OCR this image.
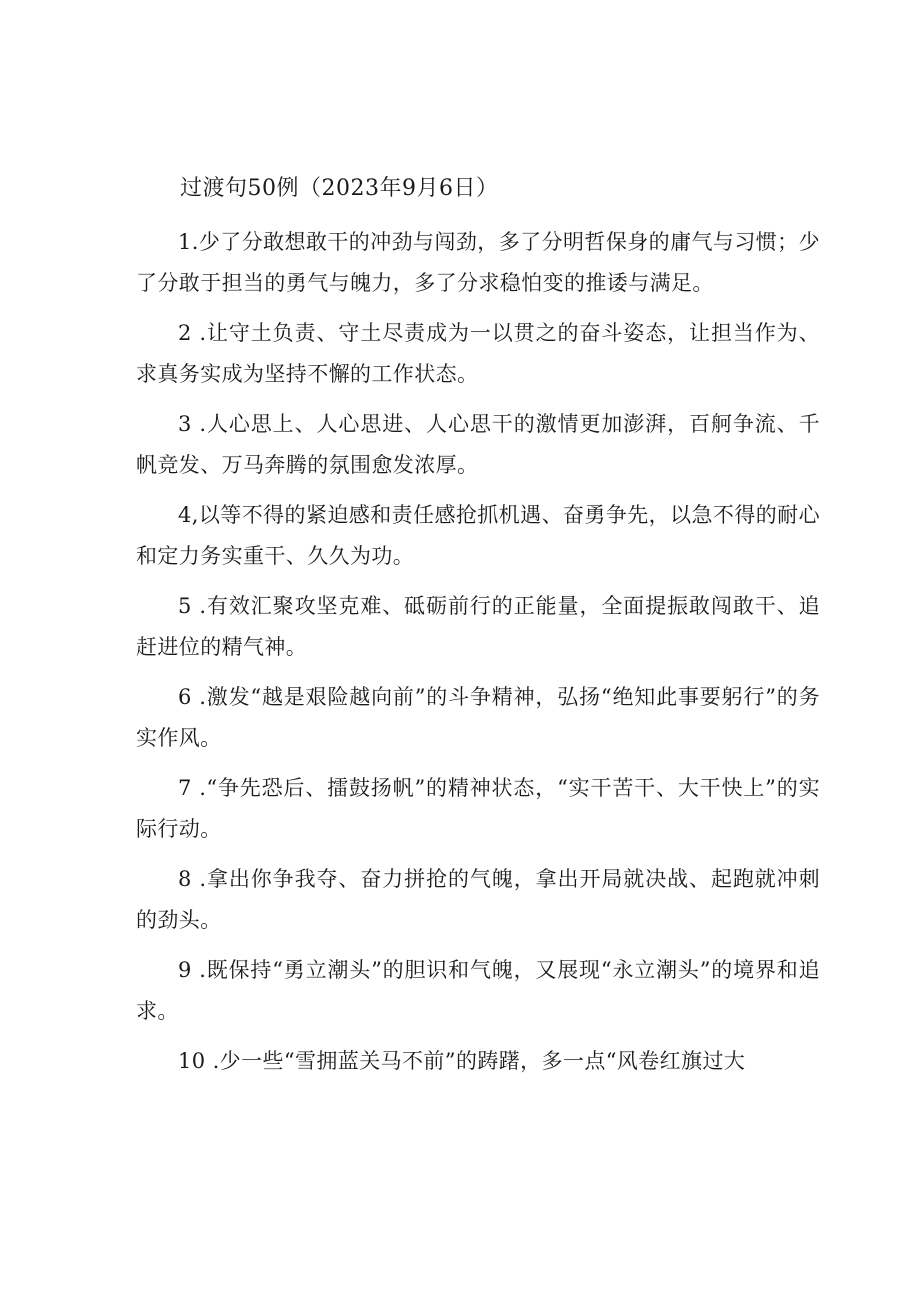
过渡句50例（2023年9月6日）

1.少了分敢想敢干的冲劲与闯劲，多了分明哲保身的庸气与习惯；少了分敢于担当的勇气与魄力，多了分求稳怕变的推诿与满足。

2 .让守土负责、守土尽责成为一以贯之的奋斗姿态，让担当作为、求真务实成为坚持不懈的工作状态。

3 .人心思上、人心思进、人心思干的激情更加澎湃，百舸争流、千帆竞发、万马奔腾的氛围愈发浓厚。

4,以等不得的紧迫感和责任感抢抓机遇、奋勇争先，以急不得的耐心和定力务实重干、久久为功。

5 .有效汇聚攻坚克难、砥砺前行的正能量，全面提振敢闯敢干、追赶进位的精气神。

6 .激发“越是艰险越向前”的斗争精神，弘扬“绝知此事要躬行”的务实作风。

7 .“争先恐后、擂鼓扬帆”的精神状态，“实干苦干、大干快上”的实际行动。

8 .拿出你争我夺、奋力拼抢的气魄，拿出开局就决战、起跑就冲刺的劲头。

9 .既保持“勇立潮头”的胆识和气魄，又展现“永立潮头”的境界和追求。

10 .少一些“雪拥蓝关马不前”的踌躇，多一点“风卷红旗过大
